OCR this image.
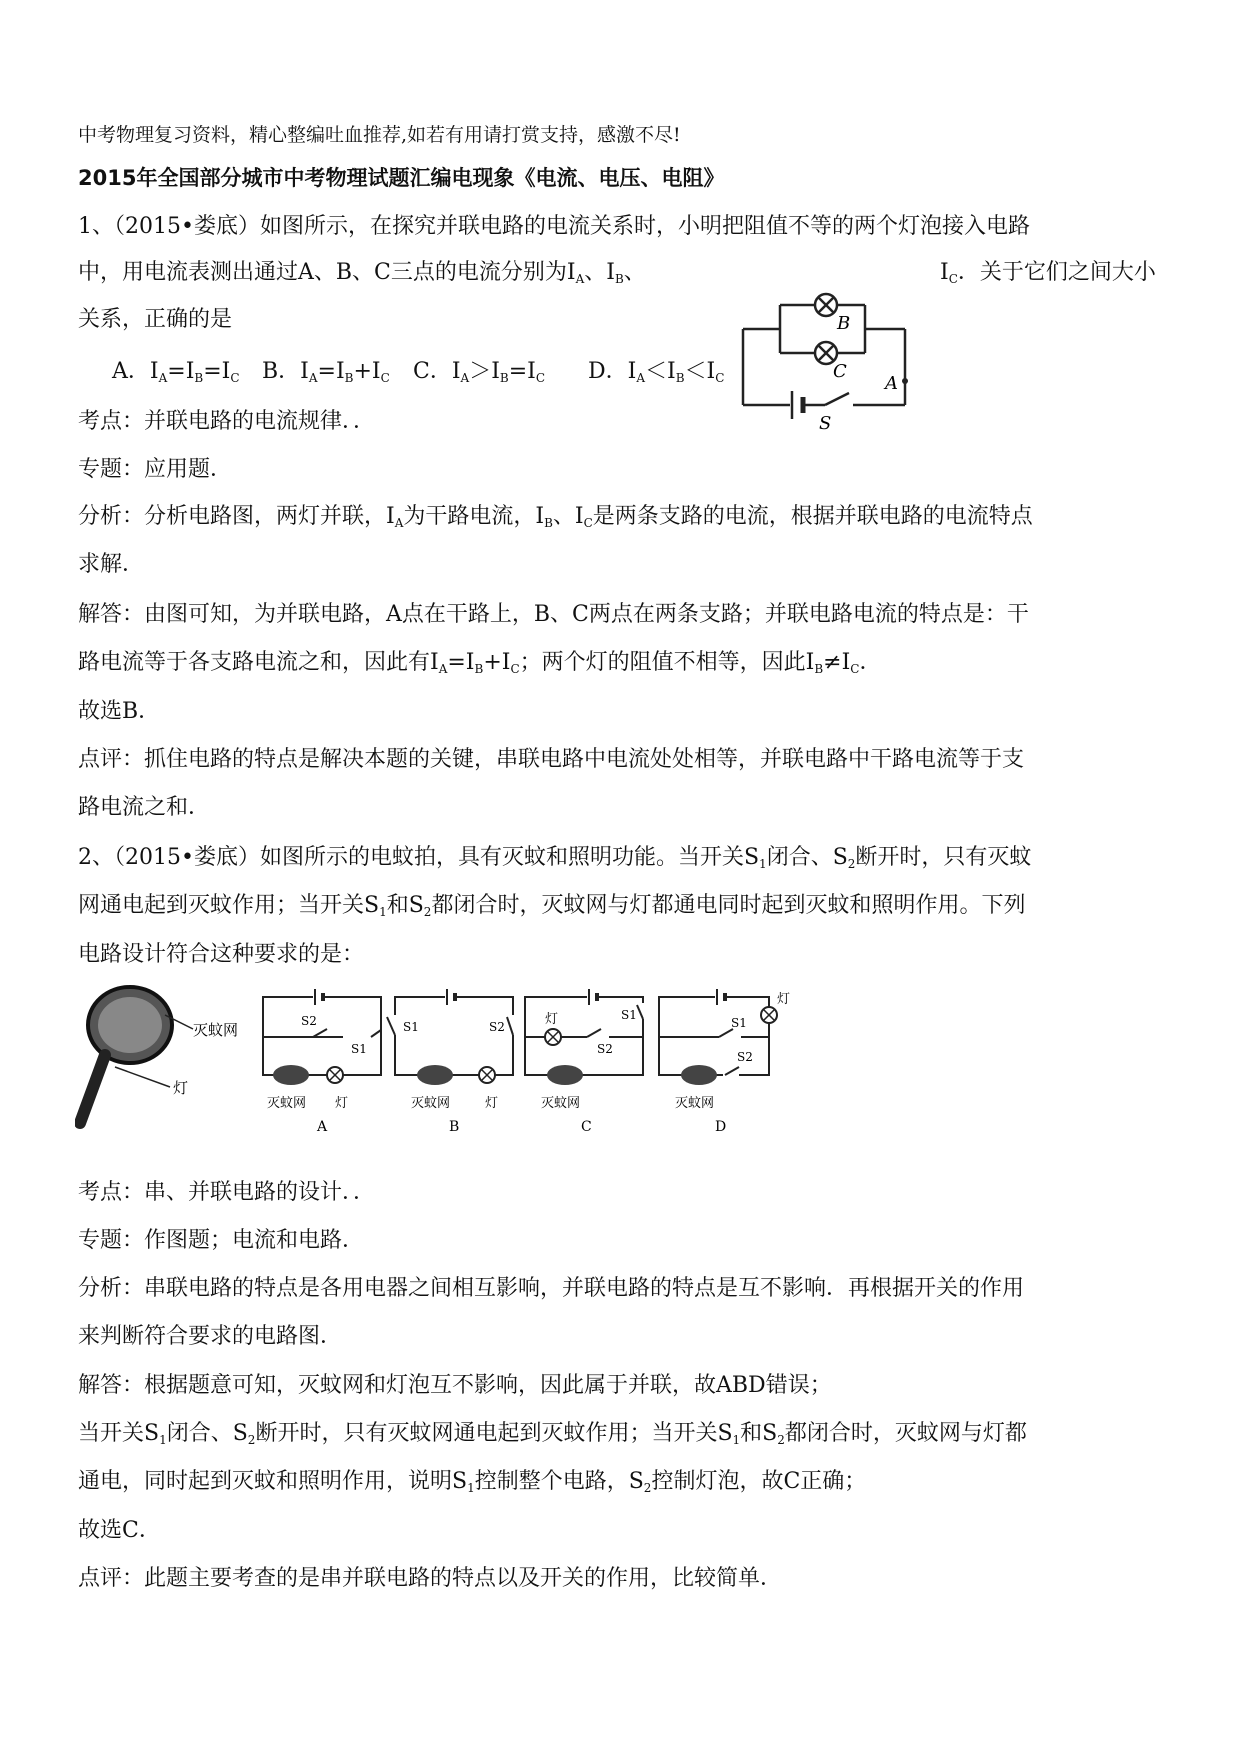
中考物理复习资料，精心整编吐血推荐,如若有用请打赏支持，感激不尽!
2015年全国部分城市中考物理试题汇编电现象《电流、电压、电阻》
1、（2015•娄底）如图所示，在探究并联电路的电流关系时，小明把阻值不等的两个灯泡接入电路
中，用电流表测出通过A、B、C三点的电流分别为$I_A$、$I_B$、	$I_C$．关于它们之间大小
关系，正确的是
A．$I_A=I_B=I_C$ B．$I_A=I_B+I_C$ C．$I_A>I_B=I_C$ D．$I_A<I_B<I_C$
B
C
A
S
考点：并联电路的电流规律．．
专题：应用题．
分析：分析电路图，两灯并联，$I_A$为干路电流，$I_B$、$I_C$是两条支路的电流，根据并联电路的电流特点
求解．
解答：由图可知，为并联电路，A点在干路上，B、C两点在两条支路；并联电路电流的特点是：干
路电流等于各支路电流之和，因此有$I_A=I_B+I_C$；两个灯的阻值不相等，因此$I_B\ne I_C$．
故选B．
点评：抓住电路的特点是解决本题的关键，串联电路中电流处处相等，并联电路中干路电流等于支
路电流之和．
2、（2015•娄底）如图所示的电蚊拍，具有灭蚊和照明功能。当开关$S_1$闭合、$S_2$断开时，只有灭蚊
网通电起到灭蚊作用；当开关$S_1$和$S_2$都闭合时，灭蚊网与灯都通电同时起到灭蚊和照明作用。下列
电路设计符合这种要求的是：
灭蚊网
灯
S2
S1
灭蚊网 灯
A
S1	S2
灭蚊网	灯
B
灯	S1
S2
灭蚊网
C
灯
S1
S2
灭蚊网
D
考点：串、并联电路的设计．．
专题：作图题；电流和电路．
分析：串联电路的特点是各用电器之间相互影响，并联电路的特点是互不影响．再根据开关的作用
来判断符合要求的电路图．
解答：根据题意可知，灭蚊网和灯泡互不影响，因此属于并联，故ABD错误；
当开关$S_1$闭合、$S_2$断开时，只有灭蚊网通电起到灭蚊作用；当开关$S_1$和$S_2$都闭合时，灭蚊网与灯都
通电，同时起到灭蚊和照明作用，说明$S_1$控制整个电路，$S_2$控制灯泡，故C正确；
故选C．
点评：此题主要考查的是串并联电路的特点以及开关的作用，比较简单．
